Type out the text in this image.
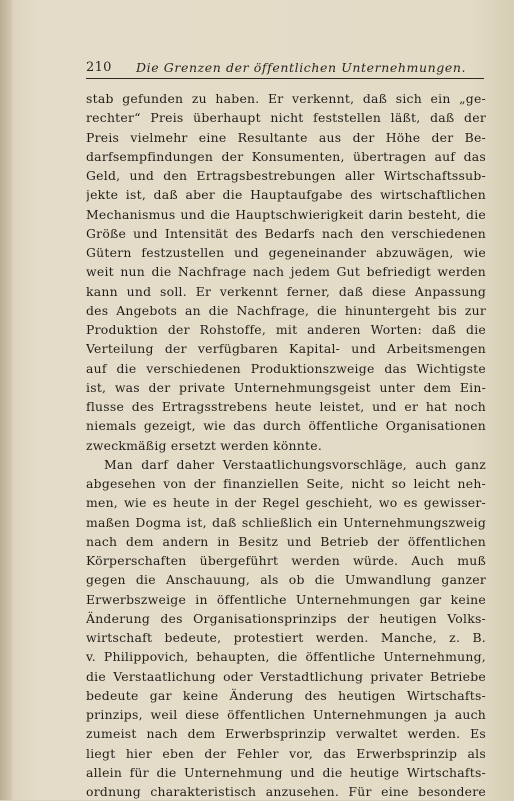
210 Die Grenzen der öffentlichen Unternehmungen.
stab gefunden zu haben. Er verkennt, daß sich ein „ge-
rechter“ Preis überhaupt nicht feststellen läßt, daß der
Preis vielmehr eine Resultante aus der Höhe der Be-
darfsempfindungen der Konsumenten, übertragen auf das
Geld, und den Ertragsbestrebungen aller Wirtschaftssub-
jekte ist, daß aber die Hauptaufgabe des wirtschaftlichen
Mechanismus und die Hauptschwierigkeit darin besteht, die
Größe und Intensität des Bedarfs nach den verschiedenen
Gütern festzustellen und gegeneinander abzuwägen, wie
weit nun die Nachfrage nach jedem Gut befriedigt werden
kann und soll. Er verkennt ferner, daß diese Anpassung
des Angebots an die Nachfrage, die hinuntergeht bis zur
Produktion der Rohstoffe, mit anderen Worten: daß die
Verteilung der verfügbaren Kapital- und Arbeitsmengen
auf die verschiedenen Produktionszweige das Wichtigste
ist, was der private Unternehmungsgeist unter dem Ein-
flusse des Ertragsstrebens heute leistet, und er hat noch
niemals gezeigt, wie das durch öffentliche Organisationen
zweckmäßig ersetzt werden könnte.
Man darf daher Verstaatlichungsvorschläge, auch ganz
abgesehen von der finanziellen Seite, nicht so leicht neh-
men, wie es heute in der Regel geschieht, wo es gewisser-
maßen Dogma ist, daß schließlich ein Unternehmungszweig
nach dem andern in Besitz und Betrieb der öffentlichen
Körperschaften übergeführt werden würde. Auch muß
gegen die Anschauung, als ob die Umwandlung ganzer
Erwerbszweige in öffentliche Unternehmungen gar keine
Änderung des Organisationsprinzips der heutigen Volks-
wirtschaft bedeute, protestiert werden. Manche, z. B.
v. Philippovich, behaupten, die öffentliche Unternehmung,
die Verstaatlichung oder Verstadtlichung privater Betriebe
bedeute gar keine Änderung des heutigen Wirtschafts-
prinzips, weil diese öffentlichen Unternehmungen ja auch
zumeist nach dem Erwerbsprinzip verwaltet werden. Es
liegt hier eben der Fehler vor, das Erwerbsprinzip als
allein für die Unternehmung und die heutige Wirtschafts-
ordnung charakteristisch anzusehen. Für eine besondere
